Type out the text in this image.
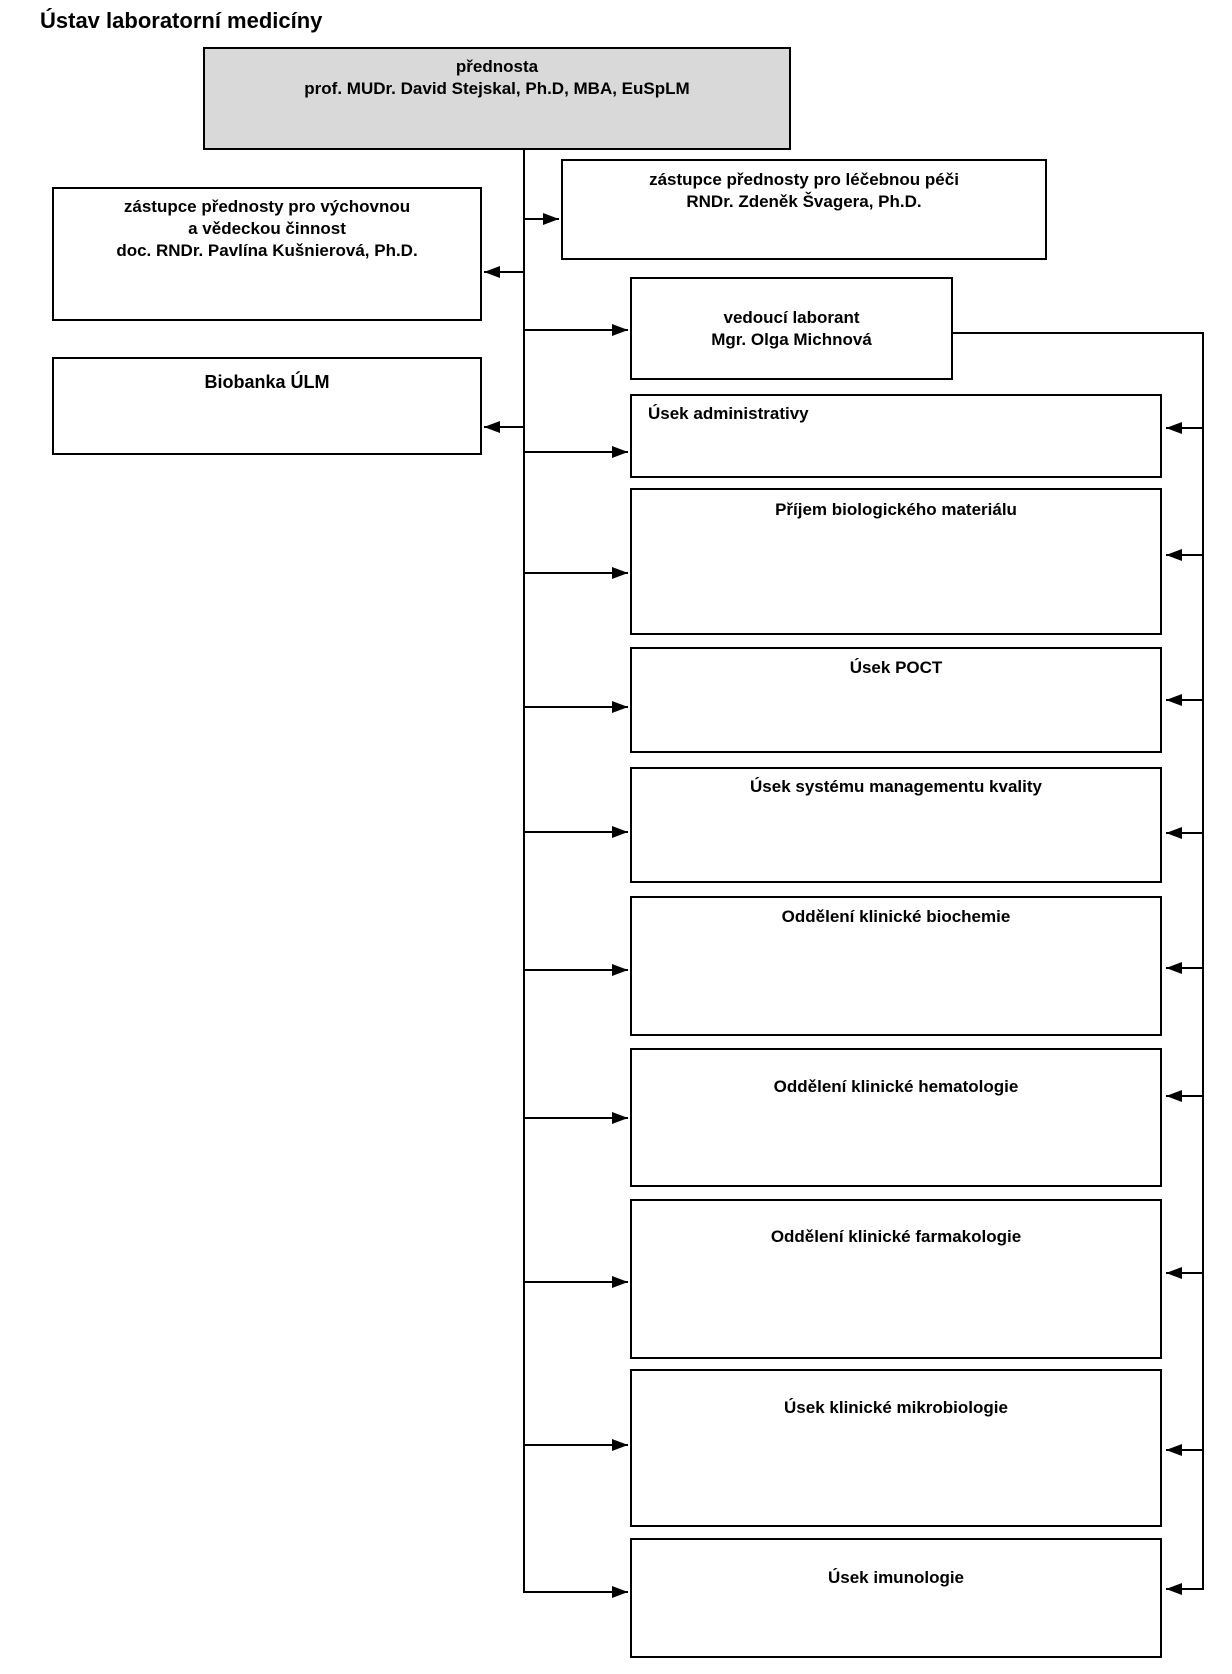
Ústav laboratorní medicíny
přednosta
prof. MUDr. David Stejskal, Ph.D, MBA, EuSpLM
zástupce přednosty pro výchovnou
a vědeckou činnost
doc. RNDr. Pavlína Kušnierová, Ph.D.
Biobanka ÚLM
zástupce přednosty pro léčebnou péči
RNDr. Zdeněk Švagera, Ph.D.
vedoucí laborant
Mgr. Olga Michnová
Úsek administrativy
Příjem biologického materiálu
Úsek POCT
Úsek systému managementu kvality
Oddělení klinické biochemie
Oddělení klinické hematologie
Oddělení klinické farmakologie
Úsek klinické mikrobiologie
Úsek imunologie
